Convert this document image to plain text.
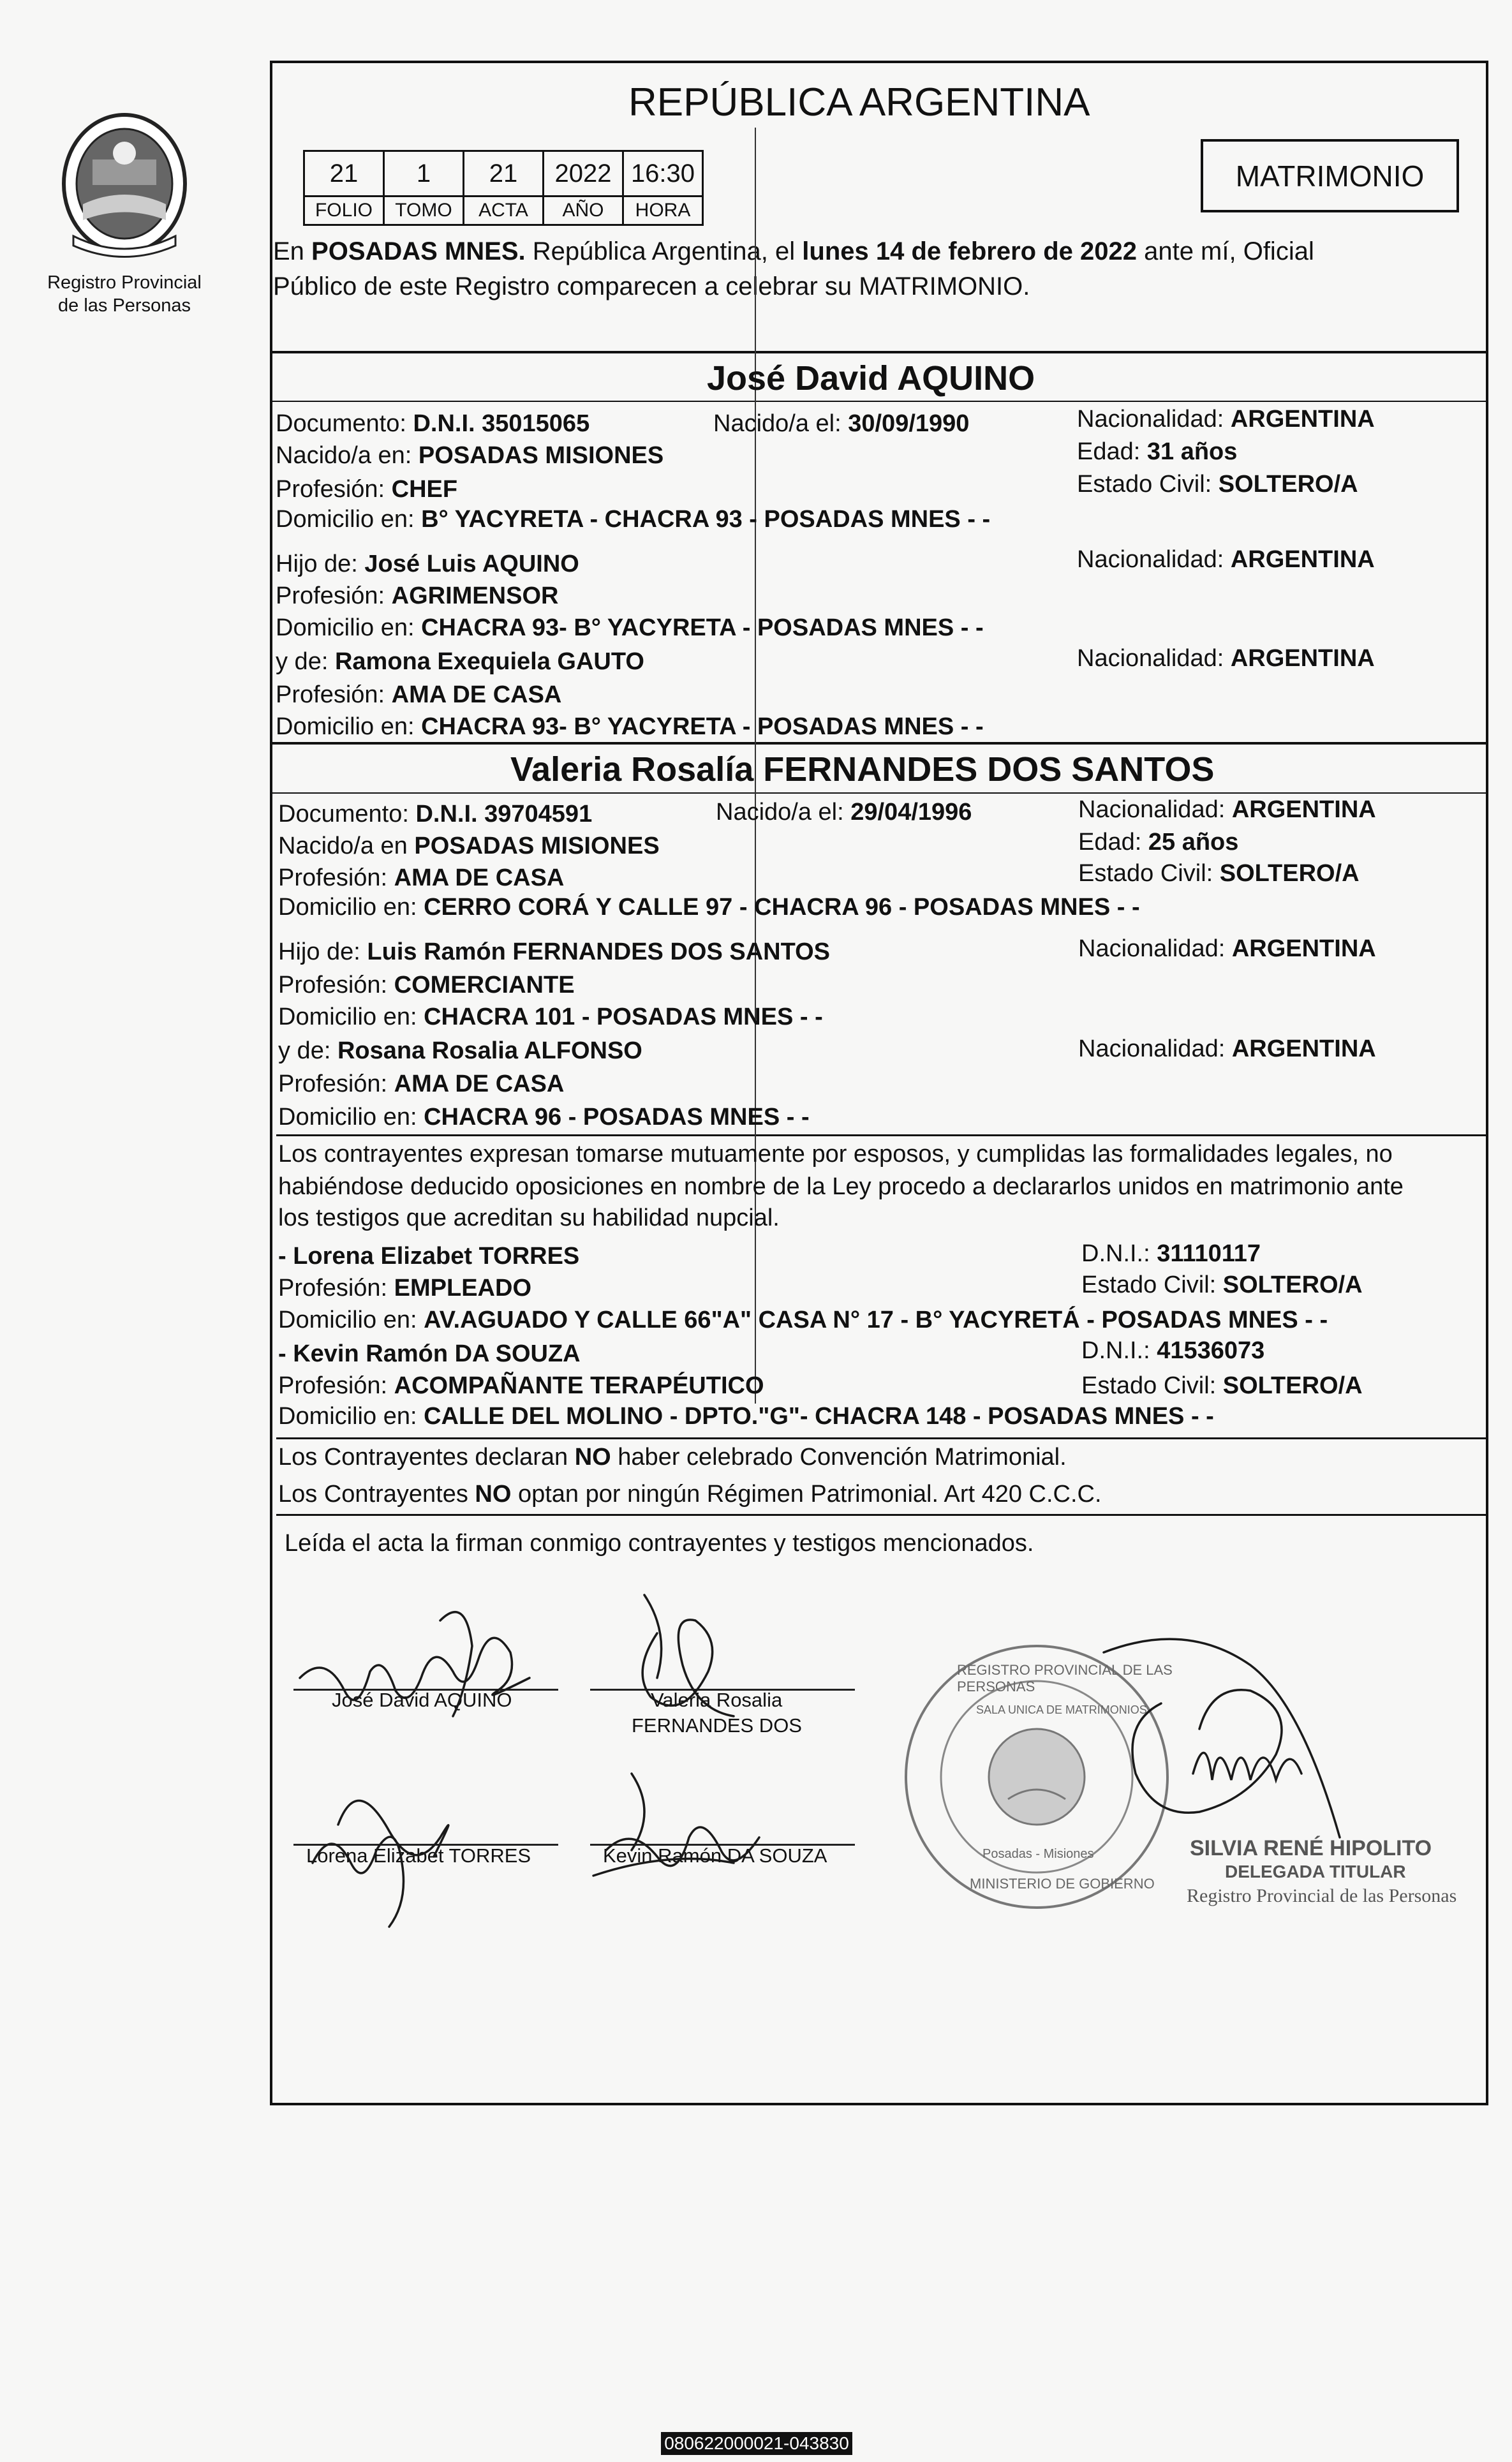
Registro Provincial
de las Personas
REPÚBLICA ARGENTINA
21	1	21	2022	16:30
FOLIO	TOMO	ACTA	AÑO	HORA
MATRIMONIO
En POSADAS MNES. República Argentina, el lunes 14 de febrero de 2022 ante mí, Oficial
Público de este Registro comparecen a celebrar su MATRIMONIO.
José David AQUINO
Documento: D.N.I. 35015065	Nacido/a el: 30/09/1990	Nacionalidad: ARGENTINA
Nacido/a en: POSADAS MISIONES	Edad: 31 años
Profesión: CHEF	Estado Civil: SOLTERO/A
Domicilio en: B° YACYRETA - CHACRA 93 - POSADAS MNES - -
Hijo de: José Luis AQUINO	Nacionalidad: ARGENTINA
Profesión: AGRIMENSOR
Domicilio en: CHACRA 93- B° YACYRETA - POSADAS MNES - -
y de: Ramona Exequiela GAUTO	Nacionalidad: ARGENTINA
Profesión: AMA DE CASA
Domicilio en: CHACRA 93- B° YACYRETA - POSADAS MNES - -
Valeria Rosalía FERNANDES DOS SANTOS
Documento: D.N.I. 39704591	Nacido/a el: 29/04/1996	Nacionalidad: ARGENTINA
Nacido/a en POSADAS MISIONES	Edad: 25 años
Profesión: AMA DE CASA	Estado Civil: SOLTERO/A
Domicilio en: CERRO CORÁ Y CALLE 97 - CHACRA 96 - POSADAS MNES - -
Hijo de: Luis Ramón FERNANDES DOS SANTOS	Nacionalidad: ARGENTINA
Profesión: COMERCIANTE
Domicilio en: CHACRA 101 - POSADAS MNES - -
y de: Rosana Rosalia ALFONSO	Nacionalidad: ARGENTINA
Profesión: AMA DE CASA
Domicilio en: CHACRA 96 - POSADAS MNES - -
Los contrayentes expresan tomarse mutuamente por esposos, y cumplidas las formalidades legales, no
habiéndose deducido oposiciones en nombre de la Ley procedo a declararlos unidos en matrimonio ante
los testigos que acreditan su habilidad nupcial.
- Lorena Elizabet TORRES	D.N.I.: 31110117
Profesión: EMPLEADO	Estado Civil: SOLTERO/A
Domicilio en: AV.AGUADO Y CALLE 66"A" CASA N° 17 - B° YACYRETÁ - POSADAS MNES - -
- Kevin Ramón DA SOUZA	D.N.I.: 41536073
Profesión: ACOMPAÑANTE TERAPÉUTICO	Estado Civil: SOLTERO/A
Domicilio en: CALLE DEL MOLINO - DPTO."G"- CHACRA 148 - POSADAS MNES - -
Los Contrayentes declaran NO haber celebrado Convención Matrimonial.
Los Contrayentes NO optan por ningún Régimen Patrimonial. Art 420 C.C.C.
Leída el acta la firman conmigo contrayentes y testigos mencionados.
José David AQUINO	Valeria Rosalia
FERNANDES DOS
Lorena Elizabet TORRES	Kevin Ramón DA SOUZA
REGISTRO PROVINCIAL DE LAS PERSONAS
SALA UNICA DE MATRIMONIOS
Posadas - Misiones
MINISTERIO DE GOBIERNO
SILVIA RENÉ HIPOLITO
DELEGADA TITULAR
Registro Provincial de las Personas
080622000021-043830
